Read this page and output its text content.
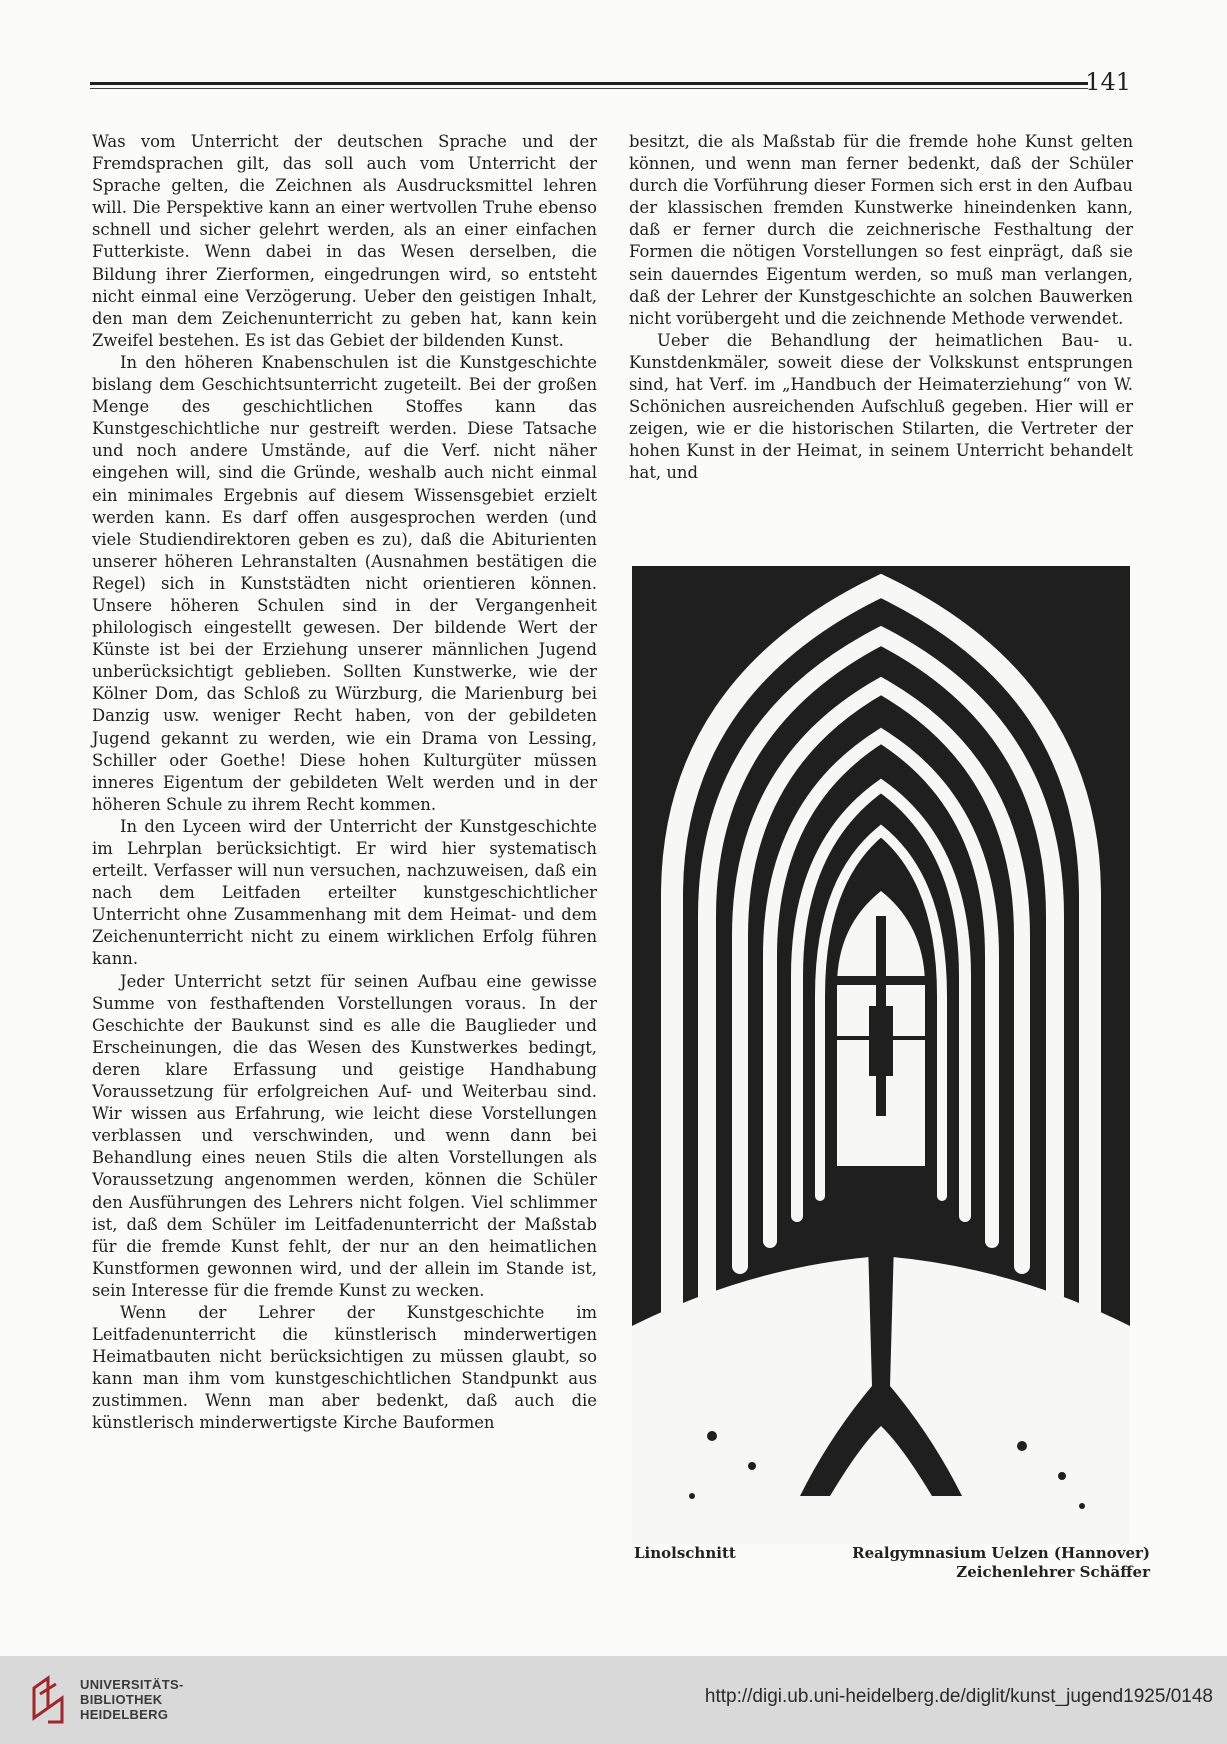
141

Was vom Unterricht der deutschen Sprache und der Fremdsprachen gilt, das soll auch vom Unterricht der Sprache gelten, die Zeichnen als Ausdrucksmittel lehren will. Die Perspektive kann an einer wertvollen Truhe ebenso schnell und sicher gelehrt werden, als an einer einfachen Futterkiste. Wenn dabei in das Wesen derselben, die Bildung ihrer Zierformen, eingedrungen wird, so entsteht nicht einmal eine Verzögerung. Ueber den geistigen Inhalt, den man dem Zeichenunterricht zu geben hat, kann kein Zweifel bestehen. Es ist das Gebiet der bildenden Kunst.

In den höheren Knabenschulen ist die Kunstgeschichte bislang dem Geschichtsunterricht zugeteilt. Bei der großen Menge des geschichtlichen Stoffes kann das Kunstgeschichtliche nur gestreift werden. Diese Tatsache und noch andere Umstände, auf die Verf. nicht näher eingehen will, sind die Gründe, weshalb auch nicht einmal ein minimales Ergebnis auf diesem Wissensgebiet erzielt werden kann. Es darf offen ausgesprochen werden (und viele Studiendirektoren geben es zu), daß die Abiturienten unserer höheren Lehranstalten (Ausnahmen bestätigen die Regel) sich in Kunststädten nicht orientieren können. Unsere höheren Schulen sind in der Vergangenheit philologisch eingestellt gewesen. Der bildende Wert der Künste ist bei der Erziehung unserer männlichen Jugend unberücksichtigt geblieben. Sollten Kunstwerke, wie der Kölner Dom, das Schloß zu Würzburg, die Marienburg bei Danzig usw. weniger Recht haben, von der gebildeten Jugend gekannt zu werden, wie ein Drama von Lessing, Schiller oder Goethe! Diese hohen Kulturgüter müssen inneres Eigentum der gebildeten Welt werden und in der höheren Schule zu ihrem Recht kommen.

In den Lyceen wird der Unterricht der Kunstgeschichte im Lehrplan berücksichtigt. Er wird hier systematisch erteilt. Verfasser will nun versuchen, nachzuweisen, daß ein nach dem Leitfaden erteilter kunstgeschichtlicher Unterricht ohne Zusammenhang mit dem Heimat- und dem Zeichenunterricht nicht zu einem wirklichen Erfolg führen kann.

Jeder Unterricht setzt für seinen Aufbau eine gewisse Summe von festhaftenden Vorstellungen voraus. In der Geschichte der Baukunst sind es alle die Bauglieder und Erscheinungen, die das Wesen des Kunstwerkes bedingt, deren klare Erfassung und geistige Handhabung Voraussetzung für erfolgreichen Auf- und Weiterbau sind. Wir wissen aus Erfahrung, wie leicht diese Vorstellungen verblassen und verschwinden, und wenn dann bei Behandlung eines neuen Stils die alten Vorstellungen als Voraussetzung angenommen werden, können die Schüler den Ausführungen des Lehrers nicht folgen. Viel schlimmer ist, daß dem Schüler im Leitfadenunterricht der Maßstab für die fremde Kunst fehlt, der nur an den heimatlichen Kunstformen gewonnen wird, und der allein im Stande ist, sein Interesse für die fremde Kunst zu wecken.

Wenn der Lehrer der Kunstgeschichte im Leitfadenunterricht die künstlerisch minderwertigen Heimatbauten nicht berücksichtigen zu müssen glaubt, so kann man ihm vom kunstgeschichtlichen Standpunkt aus zustimmen. Wenn man aber bedenkt, daß auch die künstlerisch minderwertigste Kirche Bauformen

besitzt, die als Maßstab für die fremde hohe Kunst gelten können, und wenn man ferner bedenkt, daß der Schüler durch die Vorführung dieser Formen sich erst in den Aufbau der klassischen fremden Kunstwerke hineindenken kann, daß er ferner durch die zeichnerische Festhaltung der Formen die nötigen Vorstellungen so fest einprägt, daß sie sein dauerndes Eigentum werden, so muß man verlangen, daß der Lehrer der Kunstgeschichte an solchen Bauwerken nicht vorübergeht und die zeichnende Methode verwendet.

Ueber die Behandlung der heimatlichen Bau- u. Kunstdenkmäler, soweit diese der Volkskunst entsprungen sind, hat Verf. im „Handbuch der Heimaterziehung“ von W. Schönichen ausreichenden Aufschluß gegeben. Hier will er zeigen, wie er die historischen Stilarten, die Vertreter der hohen Kunst in der Heimat, in seinem Unterricht behandelt hat, und

Linolschnitt	Realgymnasium Uelzen (Hannover)
Zeichenlehrer Schäffer
UNIVERSITÄTS-
BIBLIOTHEK
HEIDELBERG
http://digi.ub.uni-heidelberg.de/diglit/kunst_jugend1925/0148
